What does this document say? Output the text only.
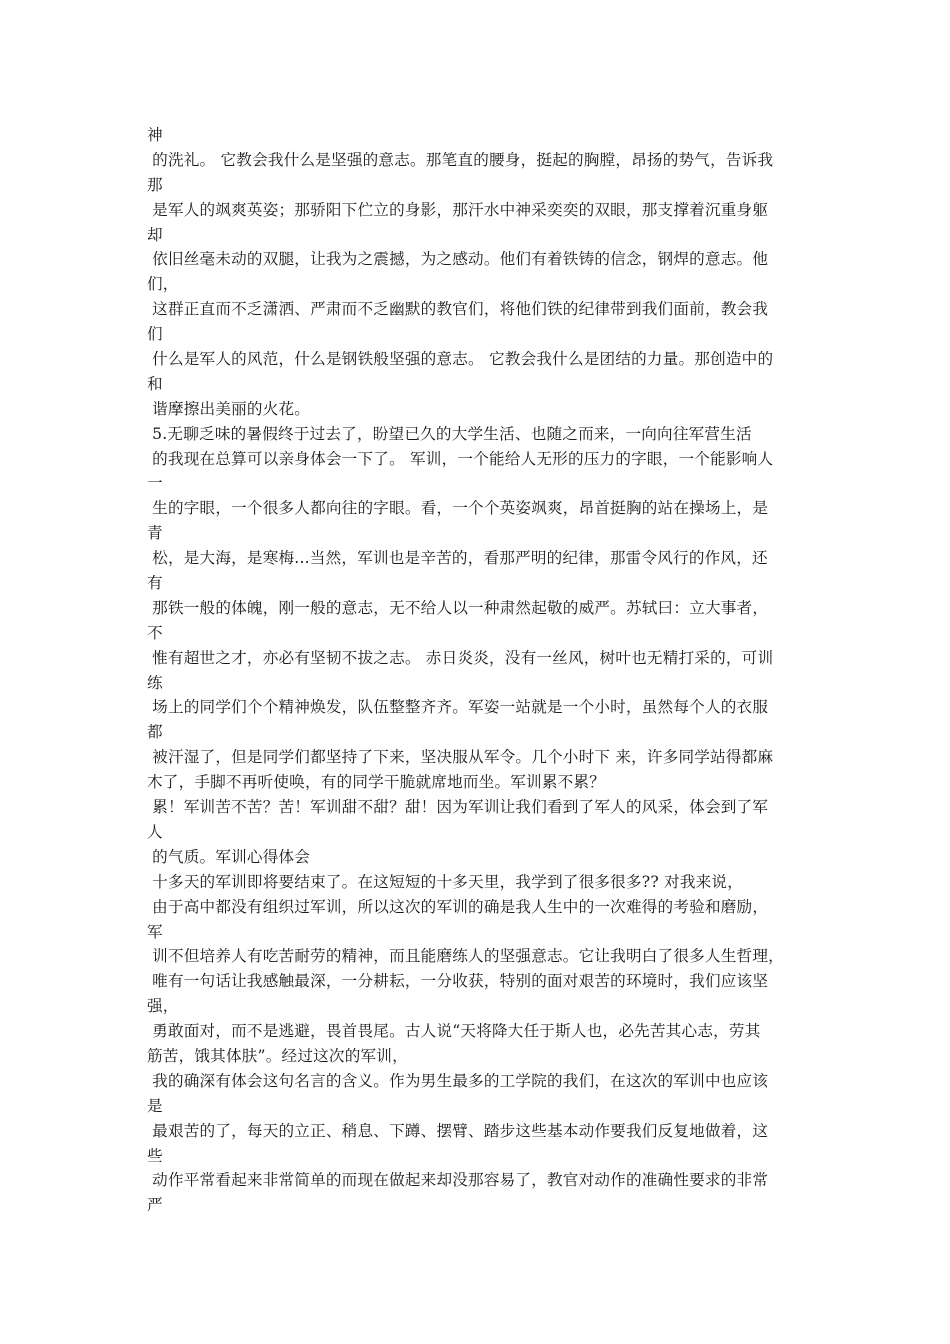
神
的洗礼。 它教会我什么是坚强的意志。那笔直的腰身，挺起的胸膛，昂扬的势气，告诉我
那
是军人的飒爽英姿；那骄阳下伫立的身影，那汗水中神采奕奕的双眼，那支撑着沉重身躯
却
依旧丝毫未动的双腿，让我为之震撼，为之感动。他们有着铁铸的信念，钢焊的意志。他
们，
这群正直而不乏潇洒、严肃而不乏幽默的教官们，将他们铁的纪律带到我们面前，教会我
们
什么是军人的风范，什么是钢铁般坚强的意志。 它教会我什么是团结的力量。那创造中的
和
谐摩擦出美丽的火花。
5.无聊乏味的暑假终于过去了，盼望已久的大学生活、也随之而来，一向向往军营生活
的我现在总算可以亲身体会一下了。 军训，一个能给人无形的压力的字眼，一个能影响人
一
生的字眼，一个很多人都向往的字眼。看，一个个英姿飒爽，昂首挺胸的站在操场上，是
青
松，是大海，是寒梅...当然，军训也是辛苦的，看那严明的纪律，那雷令风行的作风，还
有
那铁一般的体魄，刚一般的意志，无不给人以一种肃然起敬的威严。苏轼曰：立大事者，
不
惟有超世之才，亦必有坚韧不拔之志。 赤日炎炎，没有一丝风，树叶也无精打采的，可训
练
场上的同学们个个精神焕发，队伍整整齐齐。军姿一站就是一个小时，虽然每个人的衣服
都
被汗湿了，但是同学们都坚持了下来，坚决服从军令。几个小时下 来，许多同学站得都麻
木了，手脚不再听使唤，有的同学干脆就席地而坐。军训累不累？
累！军训苦不苦？苦！军训甜不甜？甜！因为军训让我们看到了军人的风采，体会到了军
人
的气质。军训心得体会
十多天的军训即将要结束了。在这短短的十多天里，我学到了很多很多?? 对我来说，
由于高中都没有组织过军训，所以这次的军训的确是我人生中的一次难得的考验和磨励，
军
训不但培养人有吃苦耐劳的精神，而且能磨练人的坚强意志。它让我明白了很多人生哲理，
唯有一句话让我感触最深，一分耕耘，一分收获，特别的面对艰苦的环境时，我们应该坚
强，
勇敢面对，而不是逃避，畏首畏尾。古人说“天将降大任于斯人也，必先苦其心志，劳其
筋苦，饿其体肤”。经过这次的军训，
我的确深有体会这句名言的含义。作为男生最多的工学院的我们，在这次的军训中也应该
是
最艰苦的了，每天的立正、稍息、下蹲、摆臂、踏步这些基本动作要我们反复地做着，这
些
动作平常看起来非常简单的而现在做起来却没那容易了，教官对动作的准确性要求的非常
严
